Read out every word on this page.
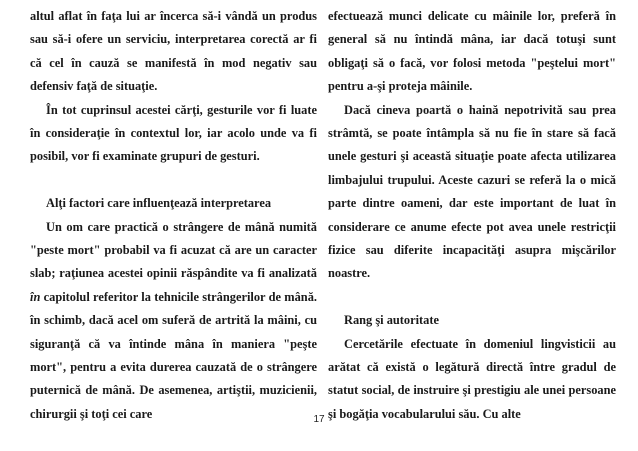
altul aflat în faţa lui ar încerca să-i vândă un produs sau să-i ofere un serviciu, interpretarea corectă ar fi că cel în cauză se manifestă în mod negativ sau defensiv faţă de situaţie.

În tot cuprinsul acestei cărţi, gesturile vor fi luate în consideraţie în contextul lor, iar acolo unde va fi posibil, vor fi examinate grupuri de gesturi.

Alţi factori care influenţează interpretarea

Un om care practică o strângere de mână numită "peste mort" probabil va fi acuzat că are un caracter slab; raţiunea acestei opinii răspândite va fi analizată în capitolul referitor la tehnicile strângerilor de mână. în schimb, dacă acel om suferă de artrită la mâini, cu siguranţă că va întinde mâna în maniera "peşte mort", pentru a evita durerea cauzată de o strângere puternică de mână. De asemenea, artiştii, muzicienii, chirurgii şi toţi cei care

efectuează munci delicate cu mâinile lor, preferă în general să nu întindă mâna, iar dacă totuşi sunt obligaţi să o facă, vor folosi metoda "peştelui mort" pentru a-şi proteja mâinile.

Dacă cineva poartă o haină nepotrivită sau prea strâmtă, se poate întâmpla să nu fie în stare să facă unele gesturi şi această situaţie poate afecta utilizarea limbajului trupului. Aceste cazuri se referă la o mică parte dintre oameni, dar este important de luat în considerare ce anume efecte pot avea unele restricţii fizice sau diferite incapacităţi asupra mişcărilor noastre.

Rang şi autoritate

Cercetările efectuate în domeniul lingvisticii au arătat că există o legătură directă între gradul de statut social, de instruire şi prestigiu ale unei persoane şi bogăţia vocabularului său. Cu alte

17
